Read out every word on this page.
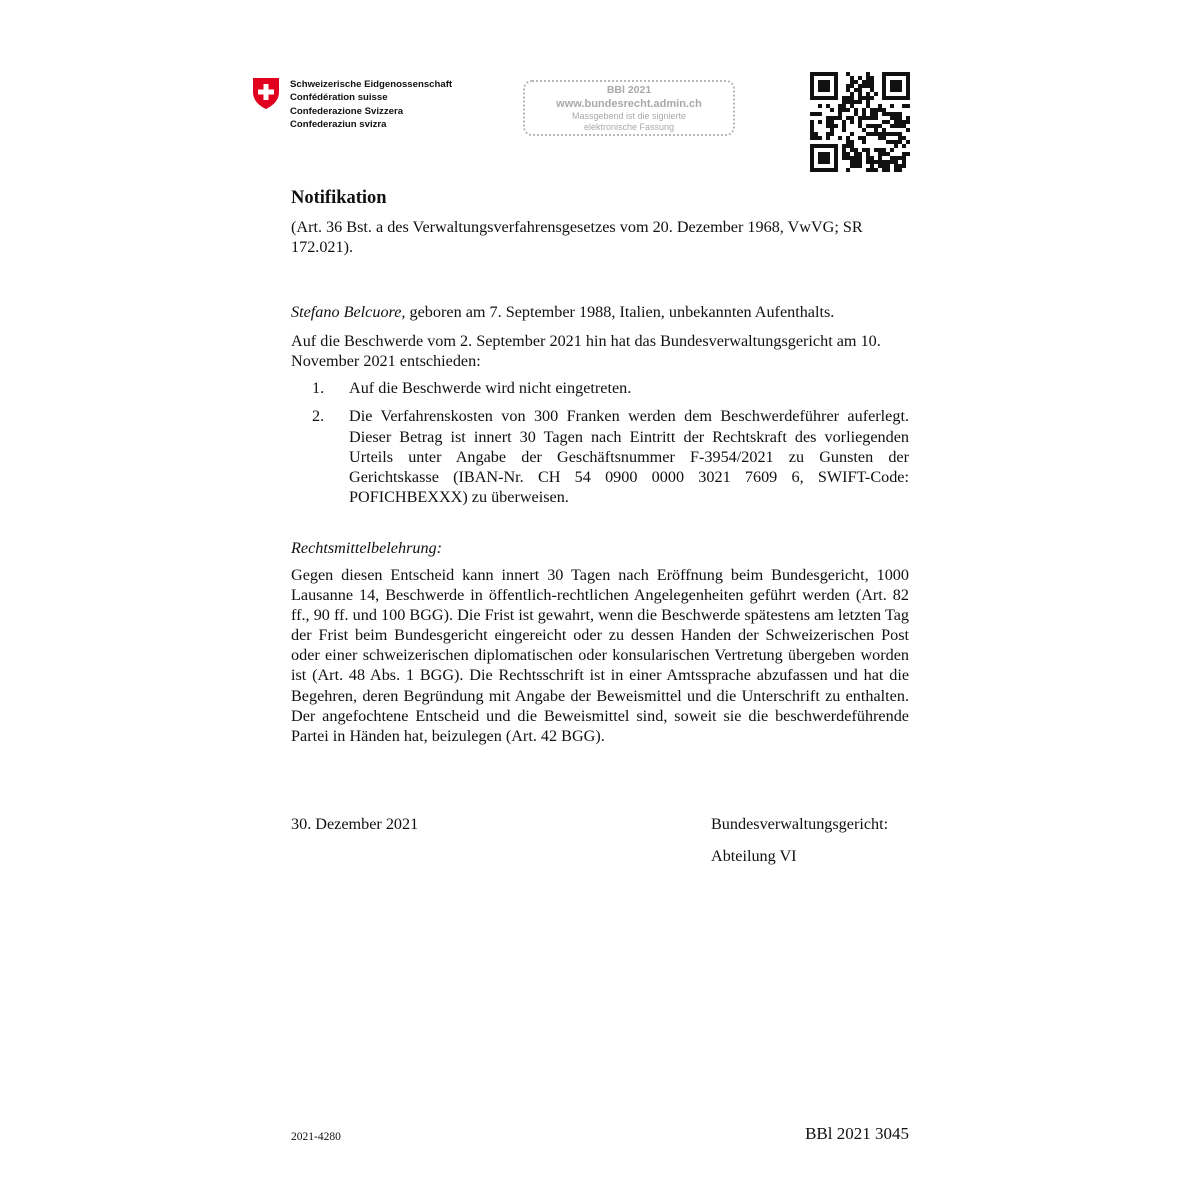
Schweizerische Eidgenossenschaft
Confédération suisse
Confederazione Svizzera
Confederaziun svizra
BBl 2021
www.bundesrecht.admin.ch
Massgebend ist die signierte
elektronische Fassung
Notifikation
(Art. 36 Bst. a des Verwaltungsverfahrensgesetzes vom 20. Dezember 1968, VwVG; SR 172.021).
Stefano Belcuore, geboren am 7. September 1988, Italien, unbekannten Aufenthalts.
Auf die Beschwerde vom 2. September 2021 hin hat das Bundesverwaltungsgericht am 10. November 2021 entschieden:
1. Auf die Beschwerde wird nicht eingetreten.
2. Die Verfahrenskosten von 300 Franken werden dem Beschwerdeführer auferlegt. Dieser Betrag ist innert 30 Tagen nach Eintritt der Rechtskraft des vorliegenden Urteils unter Angabe der Geschäftsnummer F-3954/2021 zu Gunsten der Gerichtskasse (IBAN-Nr. CH 54 0900 0000 3021 7609 6, SWIFT-Code: POFICHBEXXX) zu überweisen.
Rechtsmittelbelehrung:
Gegen diesen Entscheid kann innert 30 Tagen nach Eröffnung beim Bundesgericht, 1000 Lausanne 14, Beschwerde in öffentlich-rechtlichen Angelegenheiten geführt werden (Art. 82 ff., 90 ff. und 100 BGG). Die Frist ist gewahrt, wenn die Beschwerde spätestens am letzten Tag der Frist beim Bundesgericht eingereicht oder zu dessen Handen der Schweizerischen Post oder einer schweizerischen diplomatischen oder konsularischen Vertretung übergeben worden ist (Art. 48 Abs. 1 BGG). Die Rechtsschrift ist in einer Amtssprache abzufassen und hat die Begehren, deren Begründung mit Angabe der Beweismittel und die Unterschrift zu enthalten. Der angefochtene Entscheid und die Beweismittel sind, soweit sie die beschwerdeführende Partei in Händen hat, beizulegen (Art. 42 BGG).
30. Dezember 2021	Bundesverwaltungsgericht:
Abteilung VI
2021-4280	BBl 2021 3045
